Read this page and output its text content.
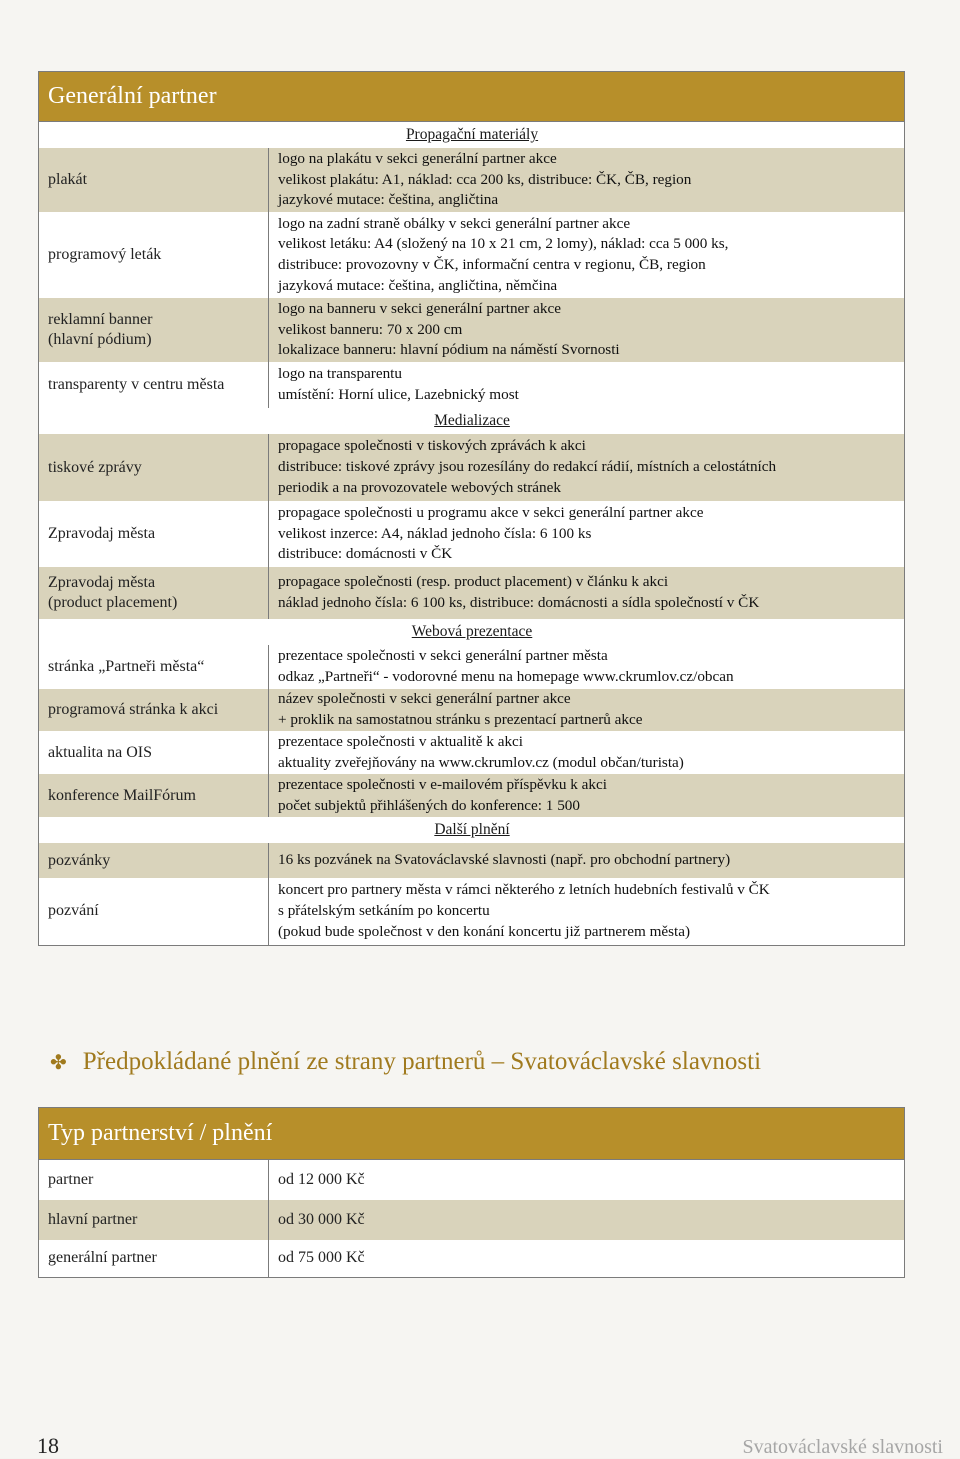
Generální partner	
Propagační materiály	

plakát	logo na plakátu v sekci generální partner akce
velikost plakátu: A1, náklad: cca 200 ks, distribuce: ČK, ČB, region
jazykové mutace: čeština, angličtina

programový leták	logo na zadní straně obálky v sekci generální partner akce
velikost letáku: A4 (složený na 10 x 21 cm, 2 lomy), náklad: cca 5 000 ks,
distribuce: provozovny v ČK, informační centra v regionu, ČB, region
jazyková mutace: čeština, angličtina, němčina

reklamní banner
(hlavní pódium)	logo na banneru v sekci generální partner akce
velikost banneru: 70 x 200 cm
lokalizace banneru: hlavní pódium na náměstí Svornosti

transparenty v centru města	logo na transparentu
umístění: Horní ulice, Lazebnický most

Medializace	

tiskové zprávy	propagace společnosti v tiskových zprávách k akci
distribuce: tiskové zprávy jsou rozesílány do redakcí rádií, místních a celostátních
periodik a na provozovatele webových stránek

Zpravodaj města	propagace společnosti u programu akce v sekci generální partner akce
velikost inzerce: A4, náklad jednoho čísla: 6 100 ks
distribuce: domácnosti v ČK

Zpravodaj města
(product placement)	propagace společnosti (resp. product placement) v článku k akci
náklad jednoho čísla: 6 100 ks, distribuce: domácnosti a sídla společností v ČK

Webová prezentace	

stránka „Partneři města“	prezentace společnosti v sekci generální partner města
odkaz „Partneři“ - vodorovné menu na homepage www.ckrumlov.cz/obcan

programová stránka k akci	název společnosti v sekci generální partner akce
+ proklik na samostatnou stránku s prezentací partnerů akce

aktualita na OIS	prezentace společnosti v aktualitě k akci
aktuality zveřejňovány na www.ckrumlov.cz (modul občan/turista)

konference MailFórum	prezentace společnosti v e-mailovém příspěvku k akci
počet subjektů přihlášených do konference: 1 500

Další plnění	

pozvánky	16 ks pozvánek na Svatováclavské slavnosti (např. pro obchodní partnery)

pozvání	koncert pro partnery města v rámci některého z letních hudebních festivalů v ČK
s přátelským setkáním po koncertu
(pokud bude společnost v den konání koncertu již partnerem města)
✤ Předpokládané plnění ze strany partnerů – Svatováclavské slavnosti
Typ partnerství / plnění	
partner	od 12 000 Kč
hlavní partner	od 30 000 Kč
generální partner	od 75 000 Kč
18	Svatováclavské slavnosti
